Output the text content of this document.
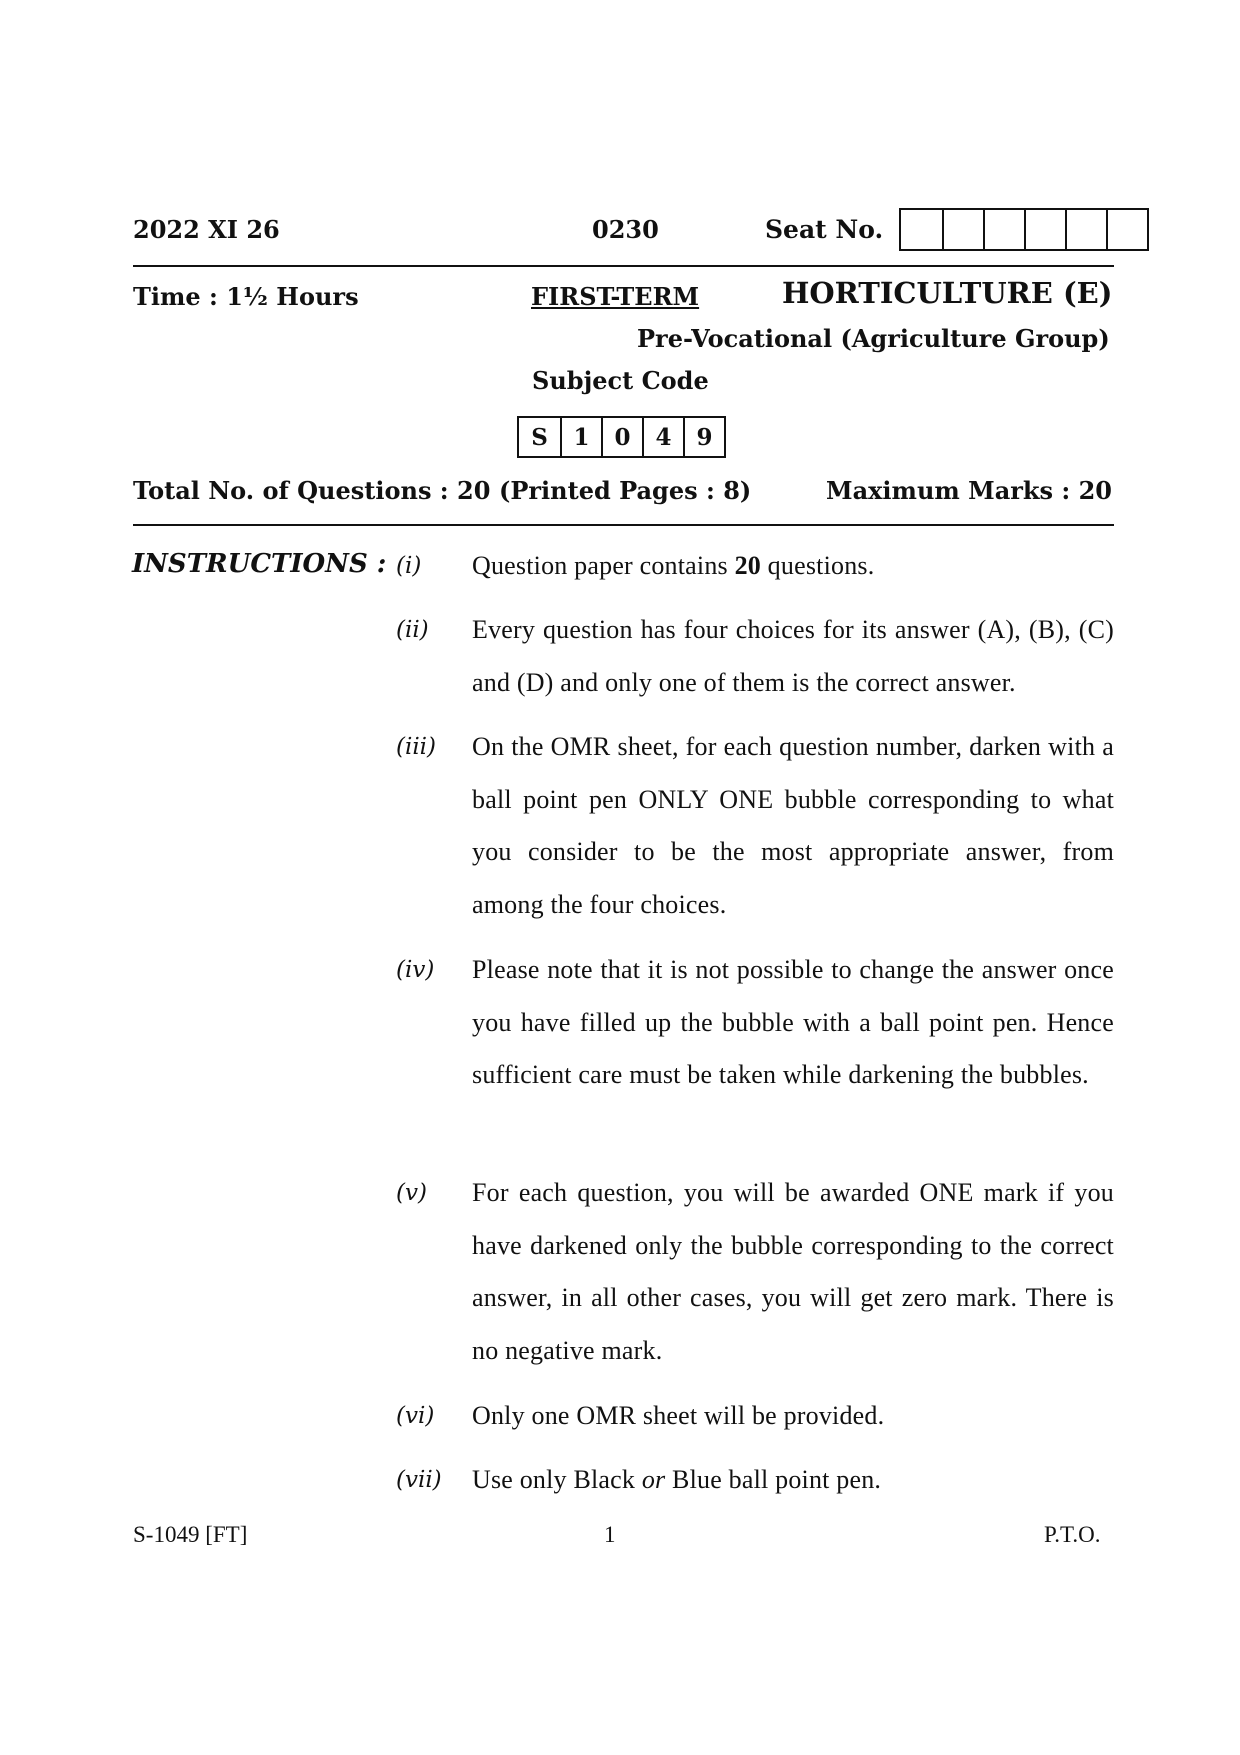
2022 XI 26	0230	Seat No.
Time : 1½ Hours	FIRST-TERM	HORTICULTURE (E)
Pre-Vocational (Agriculture Group)
Subject Code
S	1	0	4	9
Total No. of Questions : 20 (Printed Pages : 8)	Maximum Marks : 20
INSTRUCTIONS : (i) Question paper contains 20 questions.
(ii) Every question has four choices for its answer (A), (B), (C) and (D) and only one of them is the correct answer.
(iii) On the OMR sheet, for each question number, darken with a ball point pen ONLY ONE bubble corresponding to what you consider to be the most appropriate answer, from among the four choices.
(iv) Please note that it is not possible to change the answer once you have filled up the bubble with a ball point pen. Hence sufficient care must be taken while darkening the bubbles.
(v) For each question, you will be awarded ONE mark if you have darkened only the bubble corresponding to the correct answer, in all other cases, you will get zero mark. There is no negative mark.
(vi) Only one OMR sheet will be provided.
(vii) Use only Black or Blue ball point pen.
S-1049 [FT]	1	P.T.O.
